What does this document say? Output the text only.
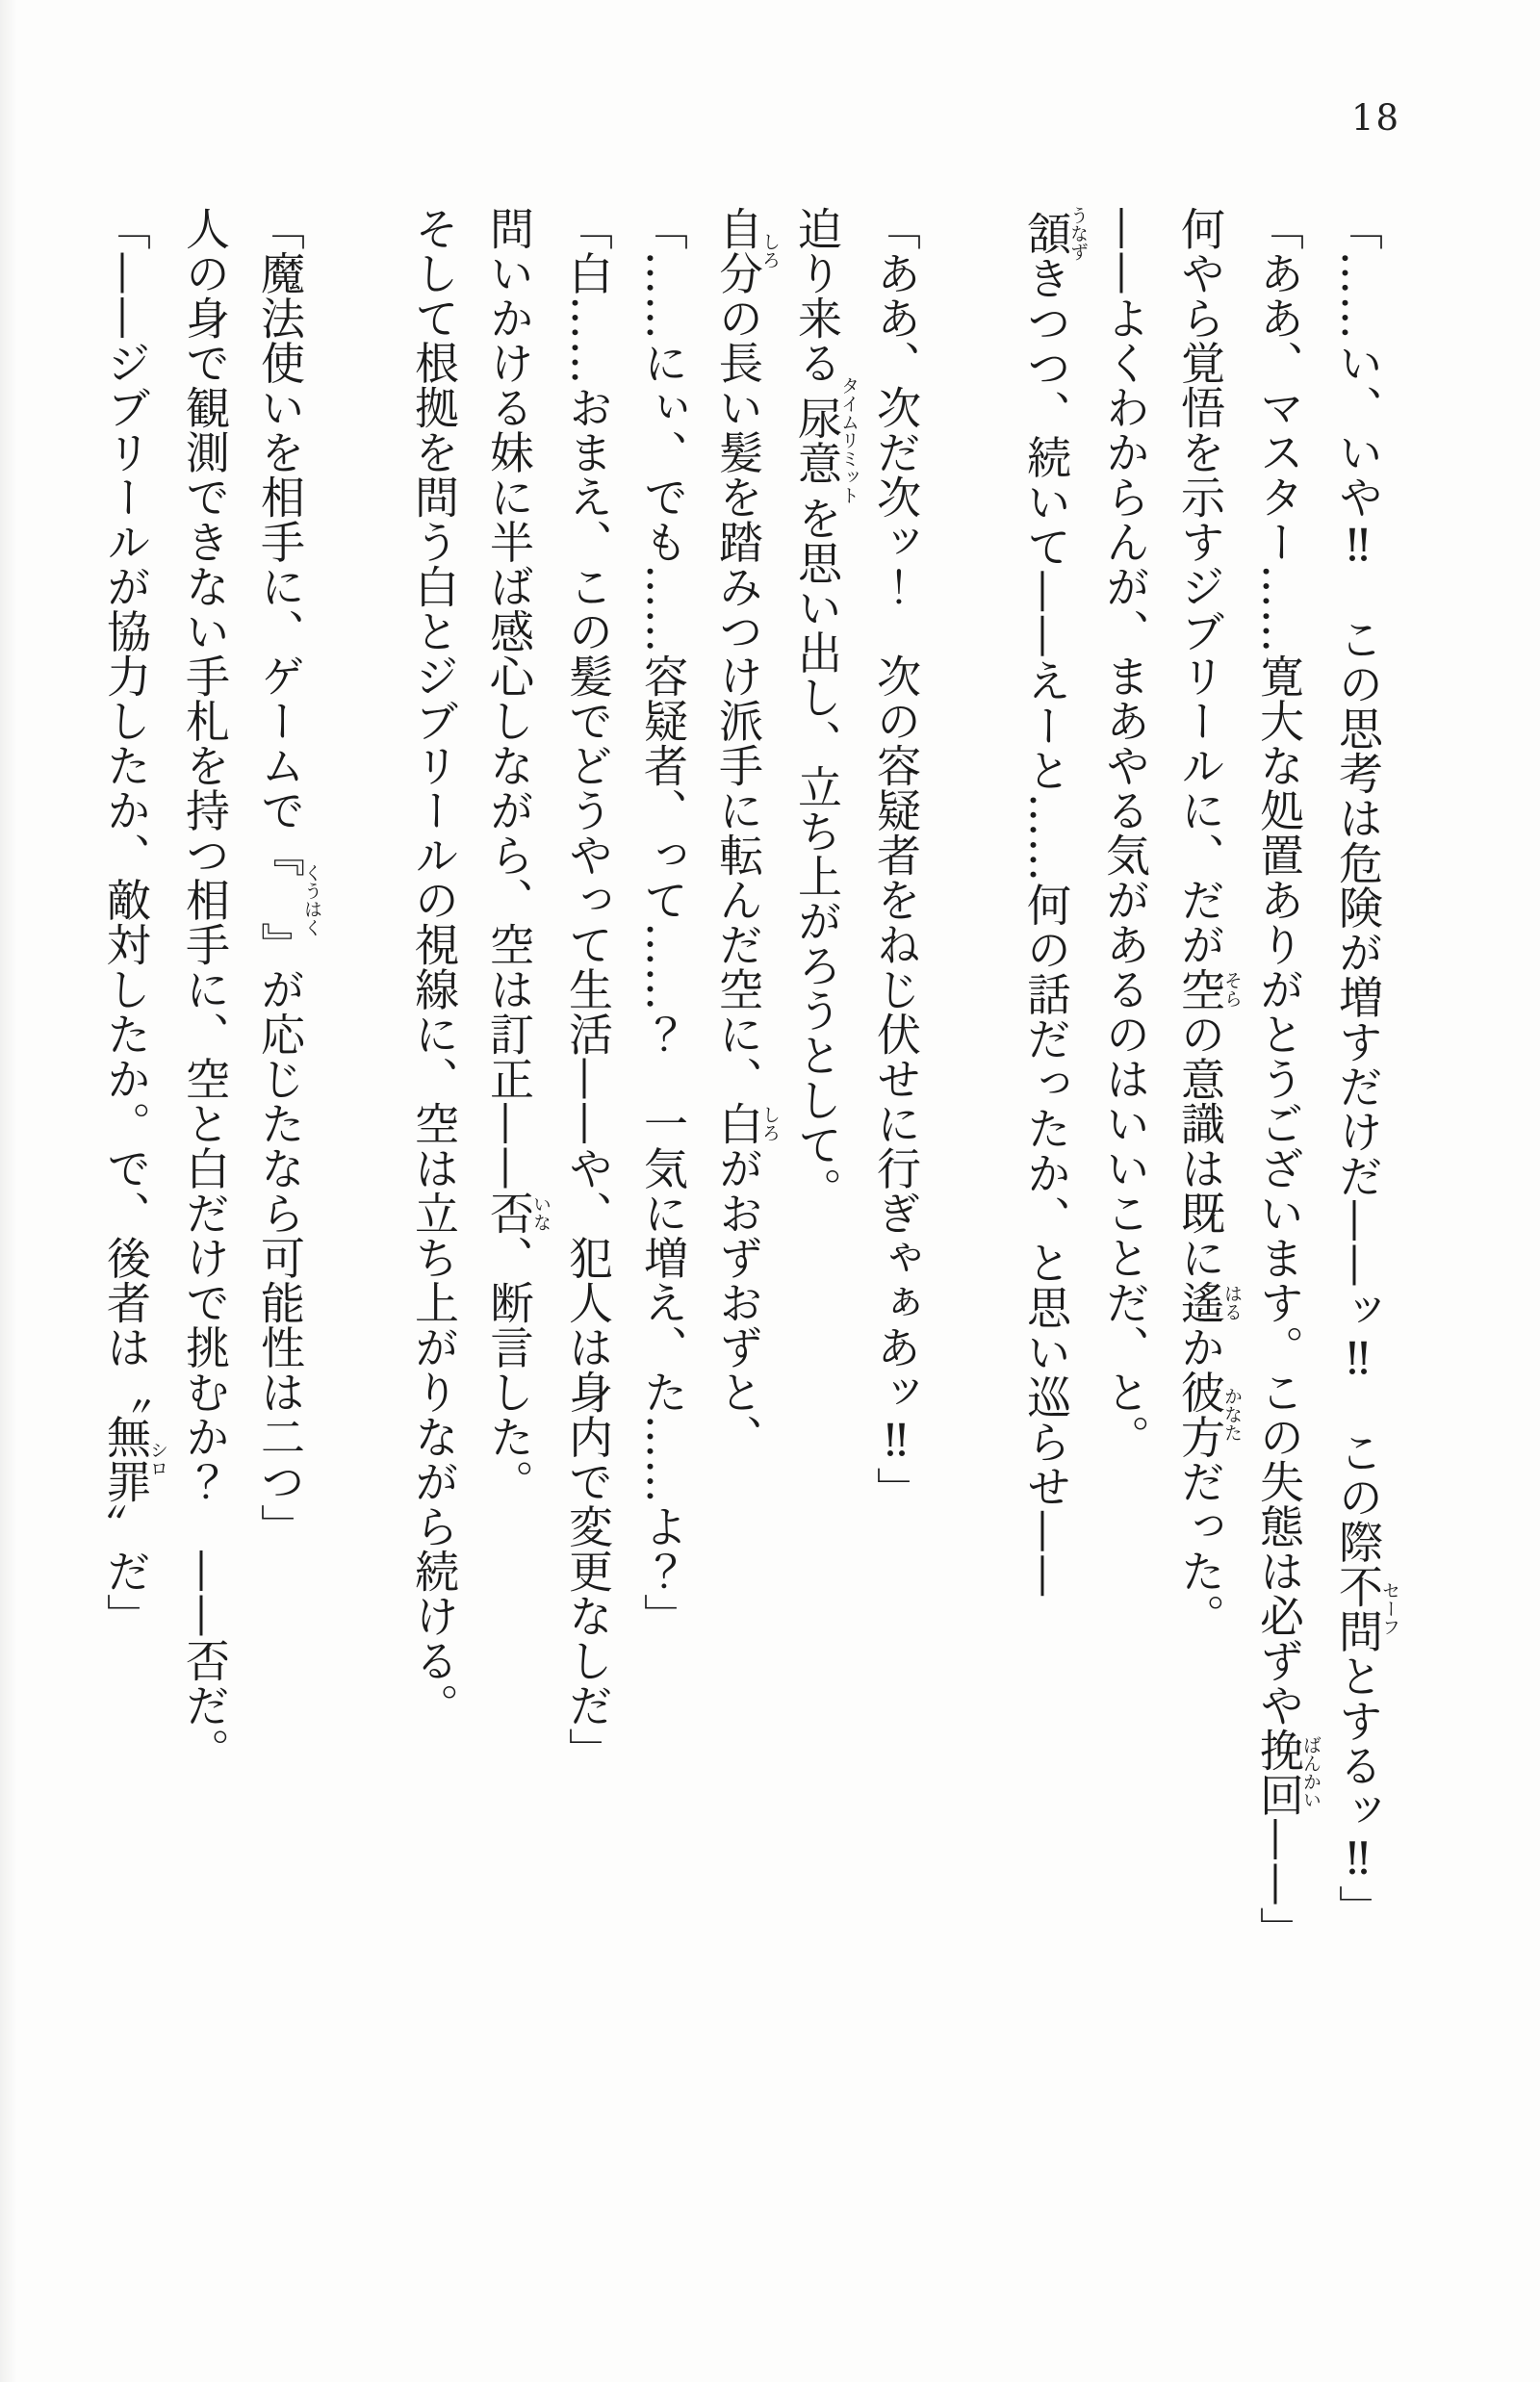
18

「……い、いや‼　この思考は危険が増すだけだ——ッ‼　この際不問セーフとするッ‼」

「ああ、マスター……寛大な処置ありがとうございます。この失態は必ずや挽回ばんかい——」

何やら覚悟を示すジブリールに、だが空そらの意識は既に遙はるか彼方かなただった。

——よくわからんが、まあやる気があるのはいいことだ、と。

頷うなずきつつ、続いて——えーと……何の話だったか、と思い巡らせ——

「ああ、次だ次ッ！　次の容疑者をねじ伏せに行ぎゃぁあッ‼」

迫り来る尿意タイムリミットを思い出し、立ち上がろうとして。

自分しろの長い髪を踏みつけ派手に転んだ空に、白しろがおずおずと、

「……にぃ、でも……容疑者、って……？　一気に増え、た……よ？」

「白……おまえ、この髪でどうやって生活——や、犯人は身内で変更なしだ」

問いかける妹に半ば感心しながら、空は訂正——否いな、断言した。

そして根拠を問う白とジブリールの視線に、空は立ち上がりながら続ける。

「魔法使いを相手に、ゲームで『　』くうはくが応じたなら可能性は二つ」

人の身で観測できない手札を持つ相手に、空と白だけで挑むか？　——否だ。

「——ジブリールが協力したか、敵対したか。で、後者は〝無罪〟シロだ」
